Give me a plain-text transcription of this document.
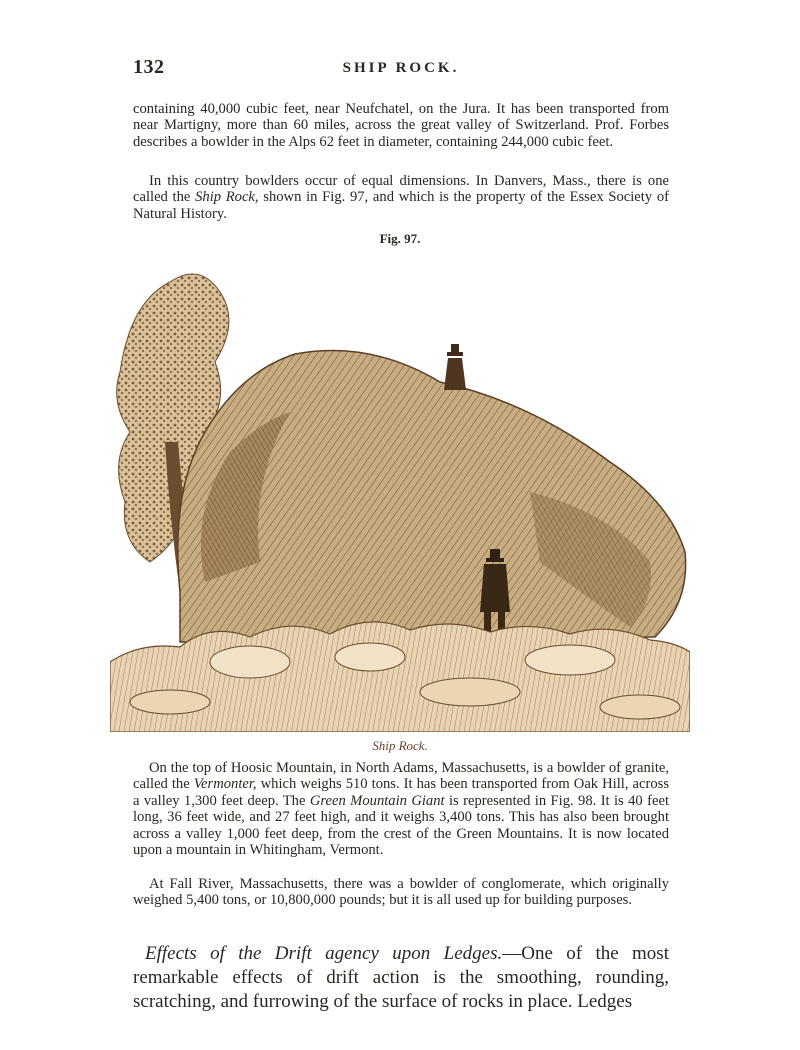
132	SHIP ROCK.
containing 40,000 cubic feet, near Neufchatel, on the Jura. It has been transported from near Martigny, more than 60 miles, across the great valley of Switzerland. Prof. Forbes describes a bowlder in the Alps 62 feet in diameter, containing 244,000 cubic feet.
In this country bowlders occur of equal dimensions. In Danvers, Mass., there is one called the Ship Rock, shown in Fig. 97, and which is the property of the Essex Society of Natural History.
Fig. 97.
Ship Rock.
On the top of Hoosic Mountain, in North Adams, Massachusetts, is a bowlder of granite, called the Vermonter, which weighs 510 tons. It has been transported from Oak Hill, across a valley 1,300 feet deep. The Green Mountain Giant is represented in Fig. 98. It is 40 feet long, 36 feet wide, and 27 feet high, and it weighs 3,400 tons. This has also been brought across a valley 1,000 feet deep, from the crest of the Green Mountains. It is now located upon a mountain in Whitingham, Vermont.
At Fall River, Massachusetts, there was a bowlder of conglomerate, which originally weighed 5,400 tons, or 10,800,000 pounds; but it is all used up for building purposes.
Effects of the Drift agency upon Ledges.—One of the most remarkable effects of drift action is the smoothing, rounding, scratching, and furrowing of the surface of rocks in place. Ledges
